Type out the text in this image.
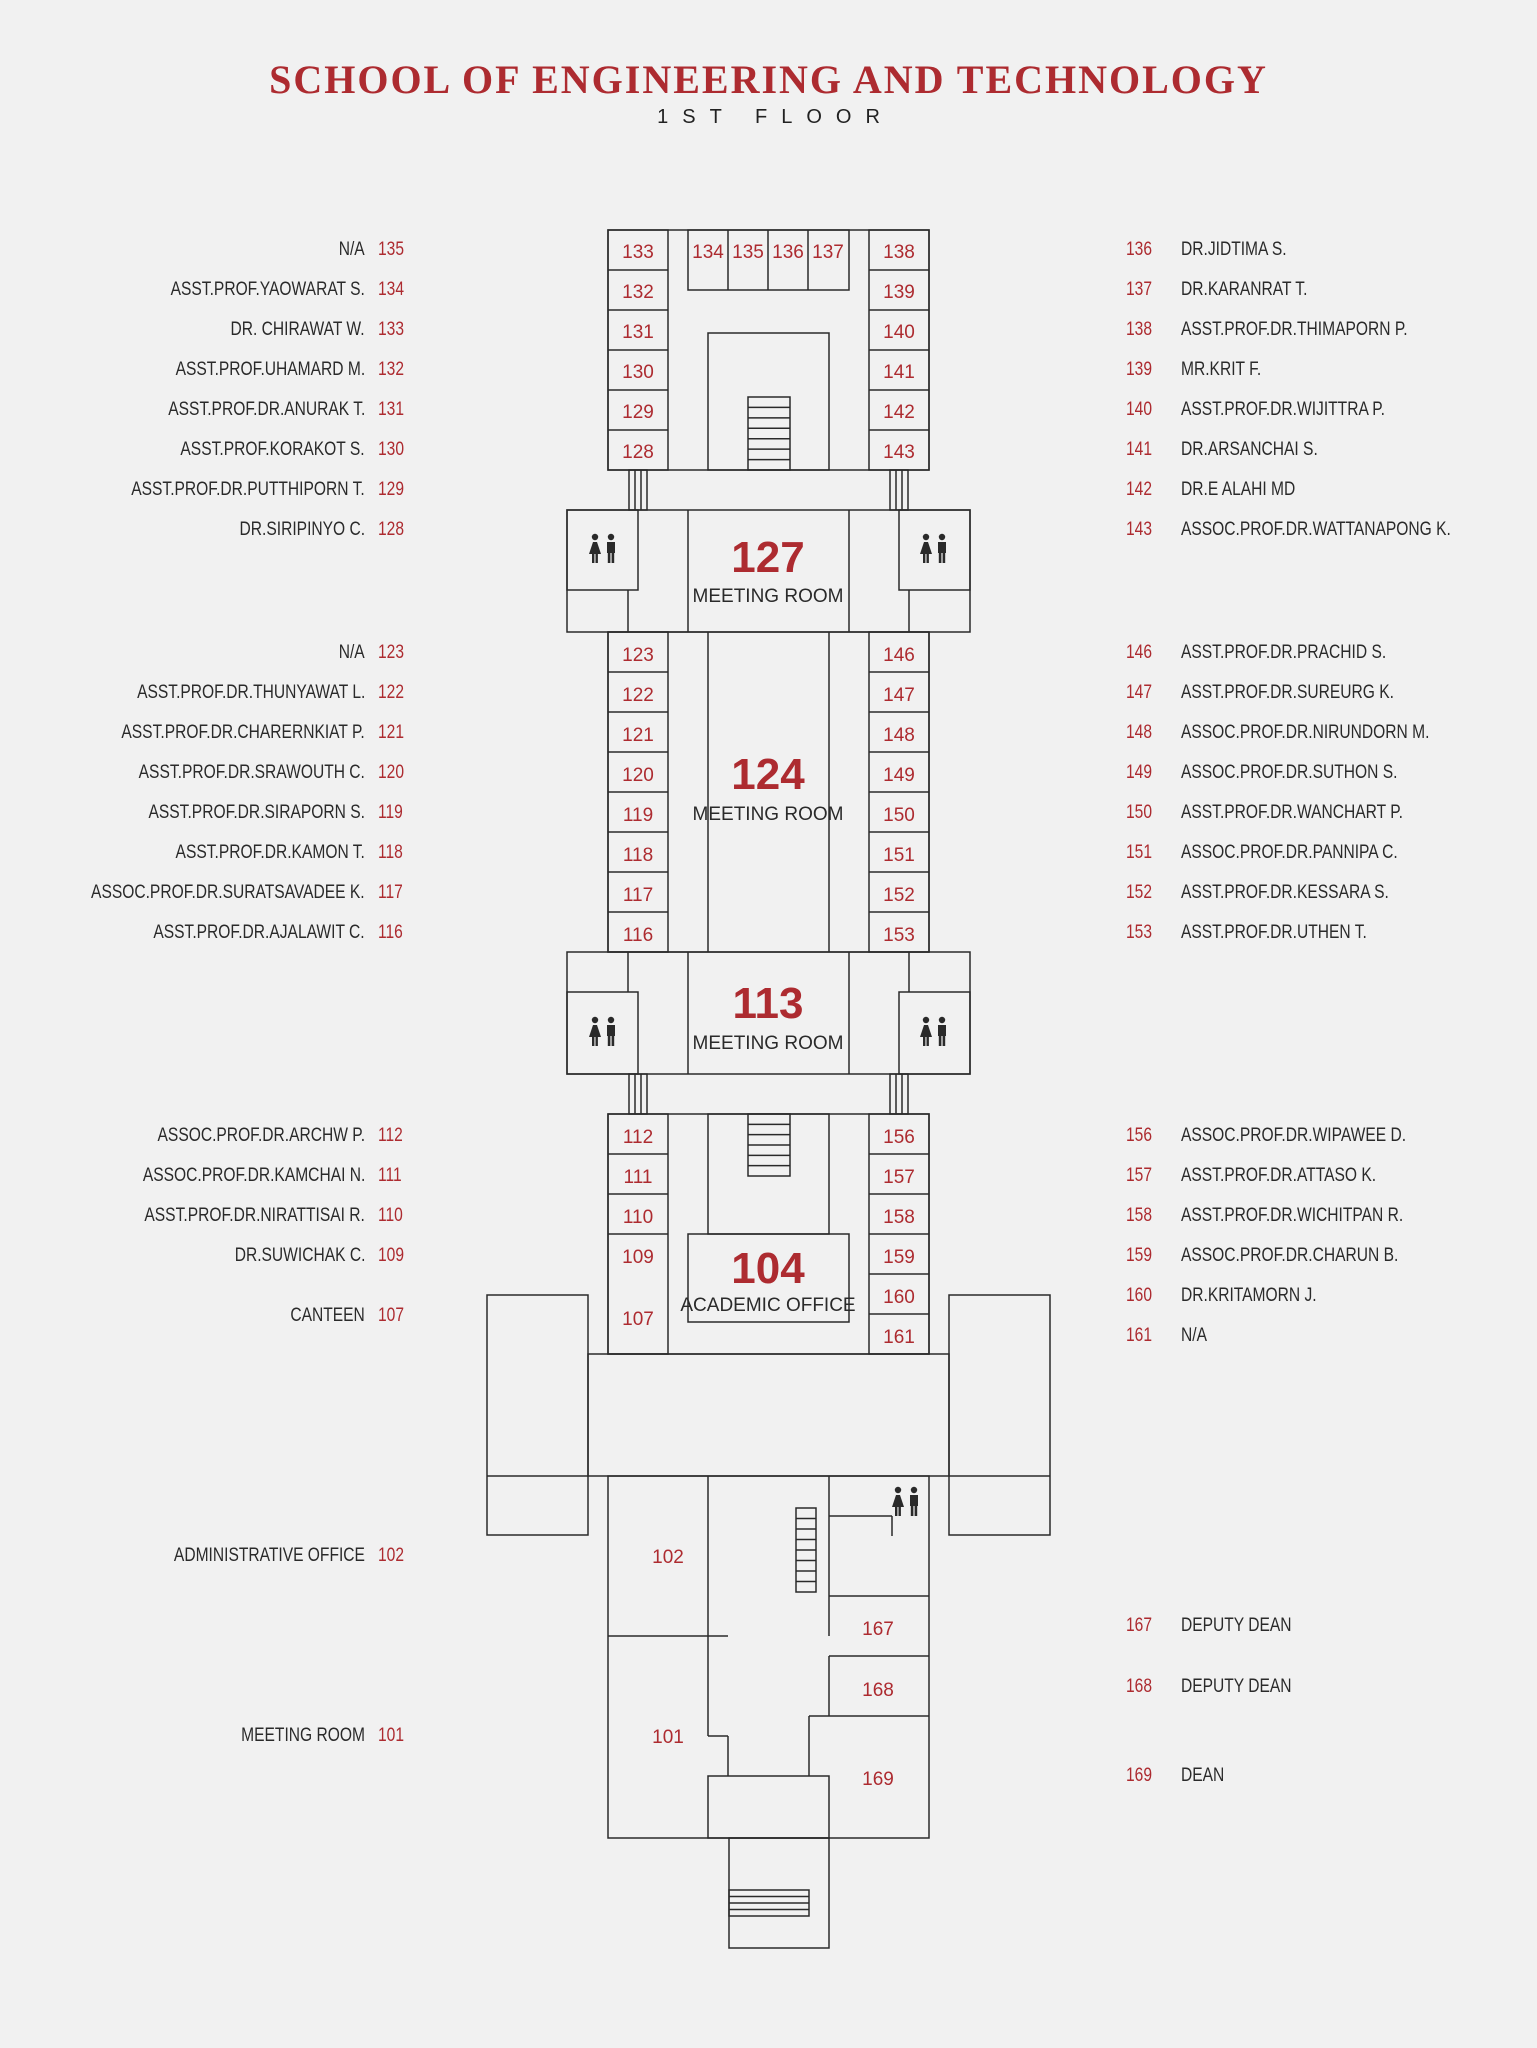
SCHOOL OF ENGINEERING AND TECHNOLOGY
1ST FLOOR
N/A 135
ASST.PROF.YAOWARAT S. 134
DR. CHIRAWAT W. 133
ASST.PROF.UHAMARD M. 132
ASST.PROF.DR.ANURAK T. 131
ASST.PROF.KORAKOT S. 130
ASST.PROF.DR.PUTTHIPORN T. 129
DR.SIRIPINYO C. 128
N/A 123
ASST.PROF.DR.THUNYAWAT L. 122
ASST.PROF.DR.CHARERNKIAT P. 121
ASST.PROF.DR.SRAWOUTH C. 120
ASST.PROF.DR.SIRAPORN S. 119
ASST.PROF.DR.KAMON T. 118
ASSOC.PROF.DR.SURATSAVADEE K. 117
ASST.PROF.DR.AJALAWIT C. 116
ASSOC.PROF.DR.ARCHW P. 112
ASSOC.PROF.DR.KAMCHAI N. 111
ASST.PROF.DR.NIRATTISAI R. 110
DR.SUWICHAK C. 109
CANTEEN 107
ADMINISTRATIVE OFFICE 102
MEETING ROOM 101
136 DR.JIDTIMA S.
137 DR.KARANRAT T.
138 ASST.PROF.DR.THIMAPORN P.
139 MR.KRIT F.
140 ASST.PROF.DR.WIJITTRA P.
141 DR.ARSANCHAI S.
142 DR.E ALAHI MD
143 ASSOC.PROF.DR.WATTANAPONG K.
146 ASST.PROF.DR.PRACHID S.
147 ASST.PROF.DR.SUREURG K.
148 ASSOC.PROF.DR.NIRUNDORN M.
149 ASSOC.PROF.DR.SUTHON S.
150 ASST.PROF.DR.WANCHART P.
151 ASSOC.PROF.DR.PANNIPA C.
152 ASST.PROF.DR.KESSARA S.
153 ASST.PROF.DR.UTHEN T.
156 ASSOC.PROF.DR.WIPAWEE D.
157 ASST.PROF.DR.ATTASO K.
158 ASST.PROF.DR.WICHITPAN R.
159 ASSOC.PROF.DR.CHARUN B.
160 DR.KRITAMORN J.
161 N/A
167 DEPUTY DEAN
168 DEPUTY DEAN
169 DEAN
133
132
131
130
129
128
138
139
140
141
142
143
134 135 136 137
127
MEETING ROOM
123
122
121
120
119
118
117
116
146
147
148
149
150
151
152
153
124
MEETING ROOM
113
MEETING ROOM
104
ACADEMIC OFFICE
112
111
110
109
107
156
157
158
159
160
161
102
101
167
168
169
